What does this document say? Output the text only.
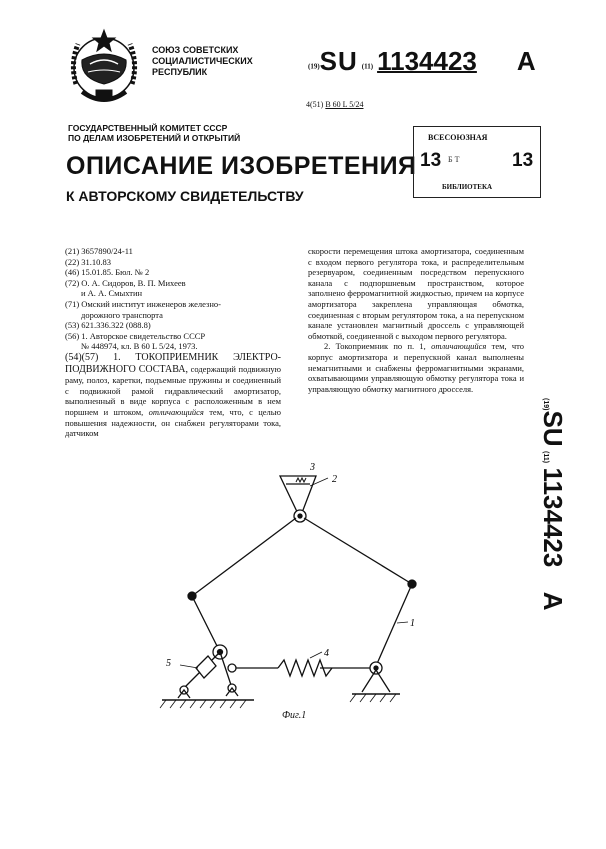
СОЮЗ СОВЕТСКИХ
СОЦИАЛИСТИЧЕСКИХ
РЕСПУБЛИК
(19)SU (11) 1134423 A
4(51) B 60 L 5/24
ГОСУДАРСТВЕННЫЙ КОМИТЕТ СССР
ПО ДЕЛАМ ИЗОБРЕТЕНИЙ И ОТКРЫТИЙ
ОПИСАНИЕ ИЗОБРЕТЕНИЯ
К АВТОРСКОМУ СВИДЕТЕЛЬСТВУ
ВСЕСОЮЗНАЯ
13 Б Т	13
БИБЛИОТЕКА
(21) 3657890/24-11
(22) 31.10.83
(46) 15.01.85. Бюл. № 2
(72) О. А. Сидоров, В. П. Михеев
и А. А. Смыхтин
(71) Омский институт инженеров железно-
дорожного транспорта
(53) 621.336.322 (088.8)
(56) 1. Авторское свидетельство СССР
№ 448974, кл. В 60 L 5/24, 1973.
(54)(57) 1. ТОКОПРИЕМНИК ЭЛЕКТРО-ПОДВИЖНОГО СОСТАВА, содержащий подвижную раму, полоз, каретки, подъемные пружины и соединенный с подвижной рамой гидравлический амортизатор, выполненный в виде корпуса с расположенным в нем поршнем и штоком, отличающийся тем, что, с целью повышения надежности, он снабжен регуляторами тока, датчиком

скорости перемещения штока амортизатора, соединенным с входом первого регулятора тока, и распределительным резервуаром, соединенным посредством перепускного канала с подпоршневым пространством, которое заполнено ферромагнитной жидкостью, причем на корпусе амортизатора закреплена управляющая обмотка, соединенная с вторым регулятором тока, а на перепускном канале установлен магнитный дроссель с управляющей обмоткой, соединенной с выходом первого регулятора.

2. Токоприемник по п. 1, отличающийся тем, что корпус амортизатора и перепускной канал выполнены немагнитными и снабжены ферромагнитными экранами, охватывающими управляющую обмотку регулятора тока и управляющую обмотку магнитного дросселя.

(19)SU (11) 1134423 A
3
2
1
4
5
Фиг.1
